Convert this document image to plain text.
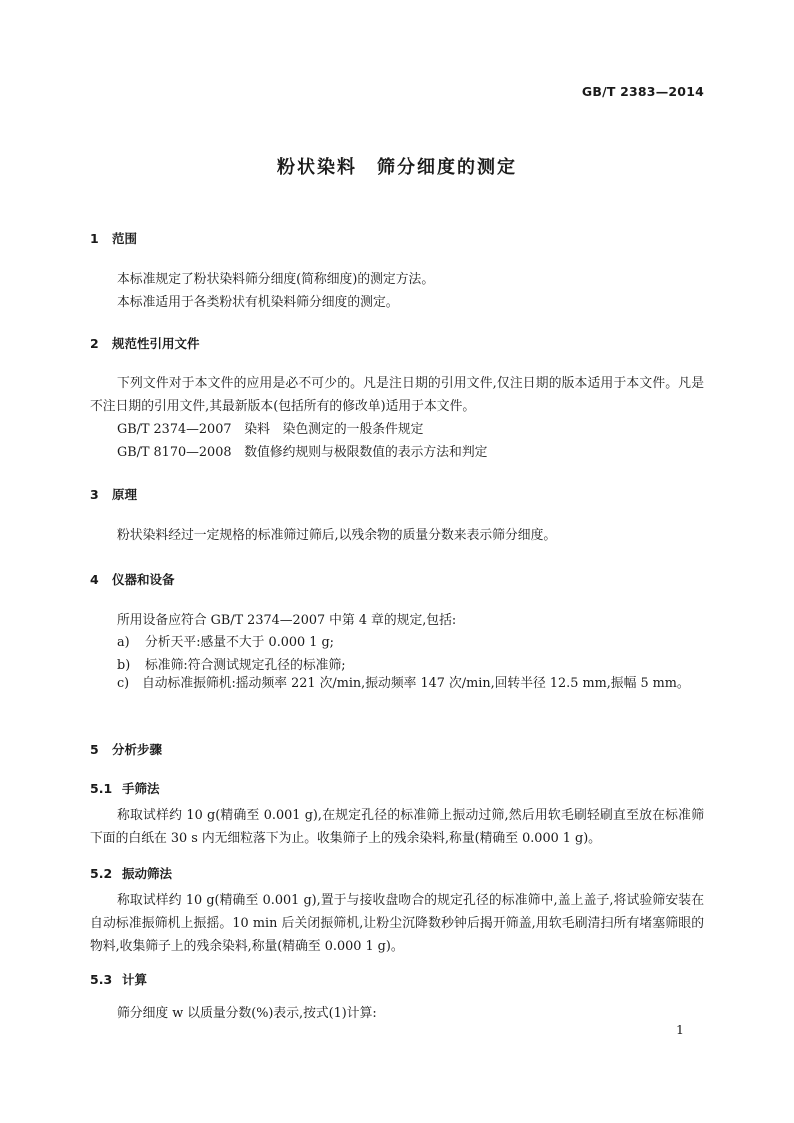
GB/T 2383—2014
粉状染料　筛分细度的测定
1 范围
本标准规定了粉状染料筛分细度(简称细度)的测定方法。
本标准适用于各类粉状有机染料筛分细度的测定。
2 规范性引用文件
下列文件对于本文件的应用是必不可少的。凡是注日期的引用文件,仅注日期的版本适用于本文件。凡是不注日期的引用文件,其最新版本(包括所有的修改单)适用于本文件。
GB/T 2374—2007　染料　染色测定的一般条件规定
GB/T 8170—2008　数值修约规则与极限数值的表示方法和判定
3 原理
粉状染料经过一定规格的标准筛过筛后,以残余物的质量分数来表示筛分细度。
4 仪器和设备
所用设备应符合 GB/T 2374—2007 中第 4 章的规定,包括:
a) 分析天平:感量不大于 0.000 1 g;
b) 标准筛:符合测试规定孔径的标准筛;
c)　自动标准振筛机:摇动频率 221 次/min,振动频率 147 次/min,回转半径 12.5 mm,振幅 5 mm。
5 分析步骤
5.1 手筛法
称取试样约 10 g(精确至 0.001 g),在规定孔径的标准筛上振动过筛,然后用软毛刷轻刷直至放在标准筛下面的白纸在 30 s 内无细粒落下为止。收集筛子上的残余染料,称量(精确至 0.000 1 g)。
5.2 振动筛法
称取试样约 10 g(精确至 0.001 g),置于与接收盘吻合的规定孔径的标准筛中,盖上盖子,将试验筛安装在自动标准振筛机上振摇。10 min 后关闭振筛机,让粉尘沉降数秒钟后揭开筛盖,用软毛刷清扫所有堵塞筛眼的物料,收集筛子上的残余染料,称量(精确至 0.000 1 g)。
5.3 计算
筛分细度 w 以质量分数(%)表示,按式(1)计算:
1
